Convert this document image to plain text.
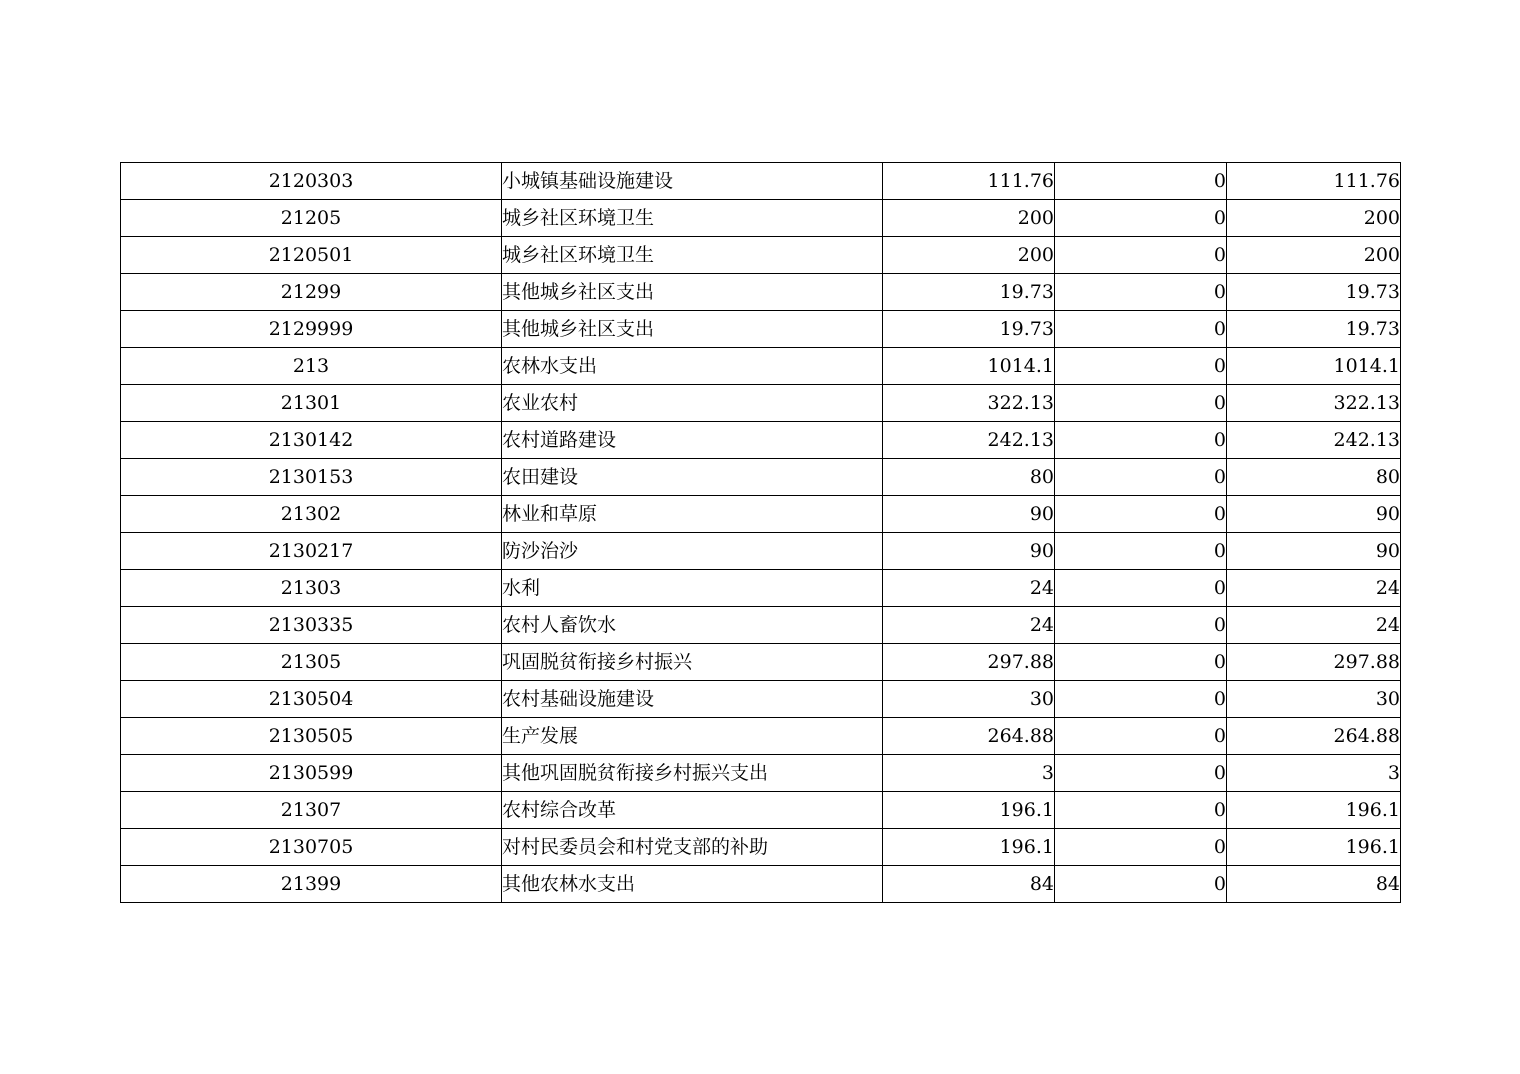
2120303	小城镇基础设施建设	111.76	0	111.76
21205	城乡社区环境卫生	200	0	200
2120501	城乡社区环境卫生	200	0	200
21299	其他城乡社区支出	19.73	0	19.73
2129999	其他城乡社区支出	19.73	0	19.73
213	农林水支出	1014.1	0	1014.1
21301	农业农村	322.13	0	322.13
2130142	农村道路建设	242.13	0	242.13
2130153	农田建设	80	0	80
21302	林业和草原	90	0	90
2130217	防沙治沙	90	0	90
21303	水利	24	0	24
2130335	农村人畜饮水	24	0	24
21305	巩固脱贫衔接乡村振兴	297.88	0	297.88
2130504	农村基础设施建设	30	0	30
2130505	生产发展	264.88	0	264.88
2130599	其他巩固脱贫衔接乡村振兴支出	3	0	3
21307	农村综合改革	196.1	0	196.1
2130705	对村民委员会和村党支部的补助	196.1	0	196.1
21399	其他农林水支出	84	0	84
